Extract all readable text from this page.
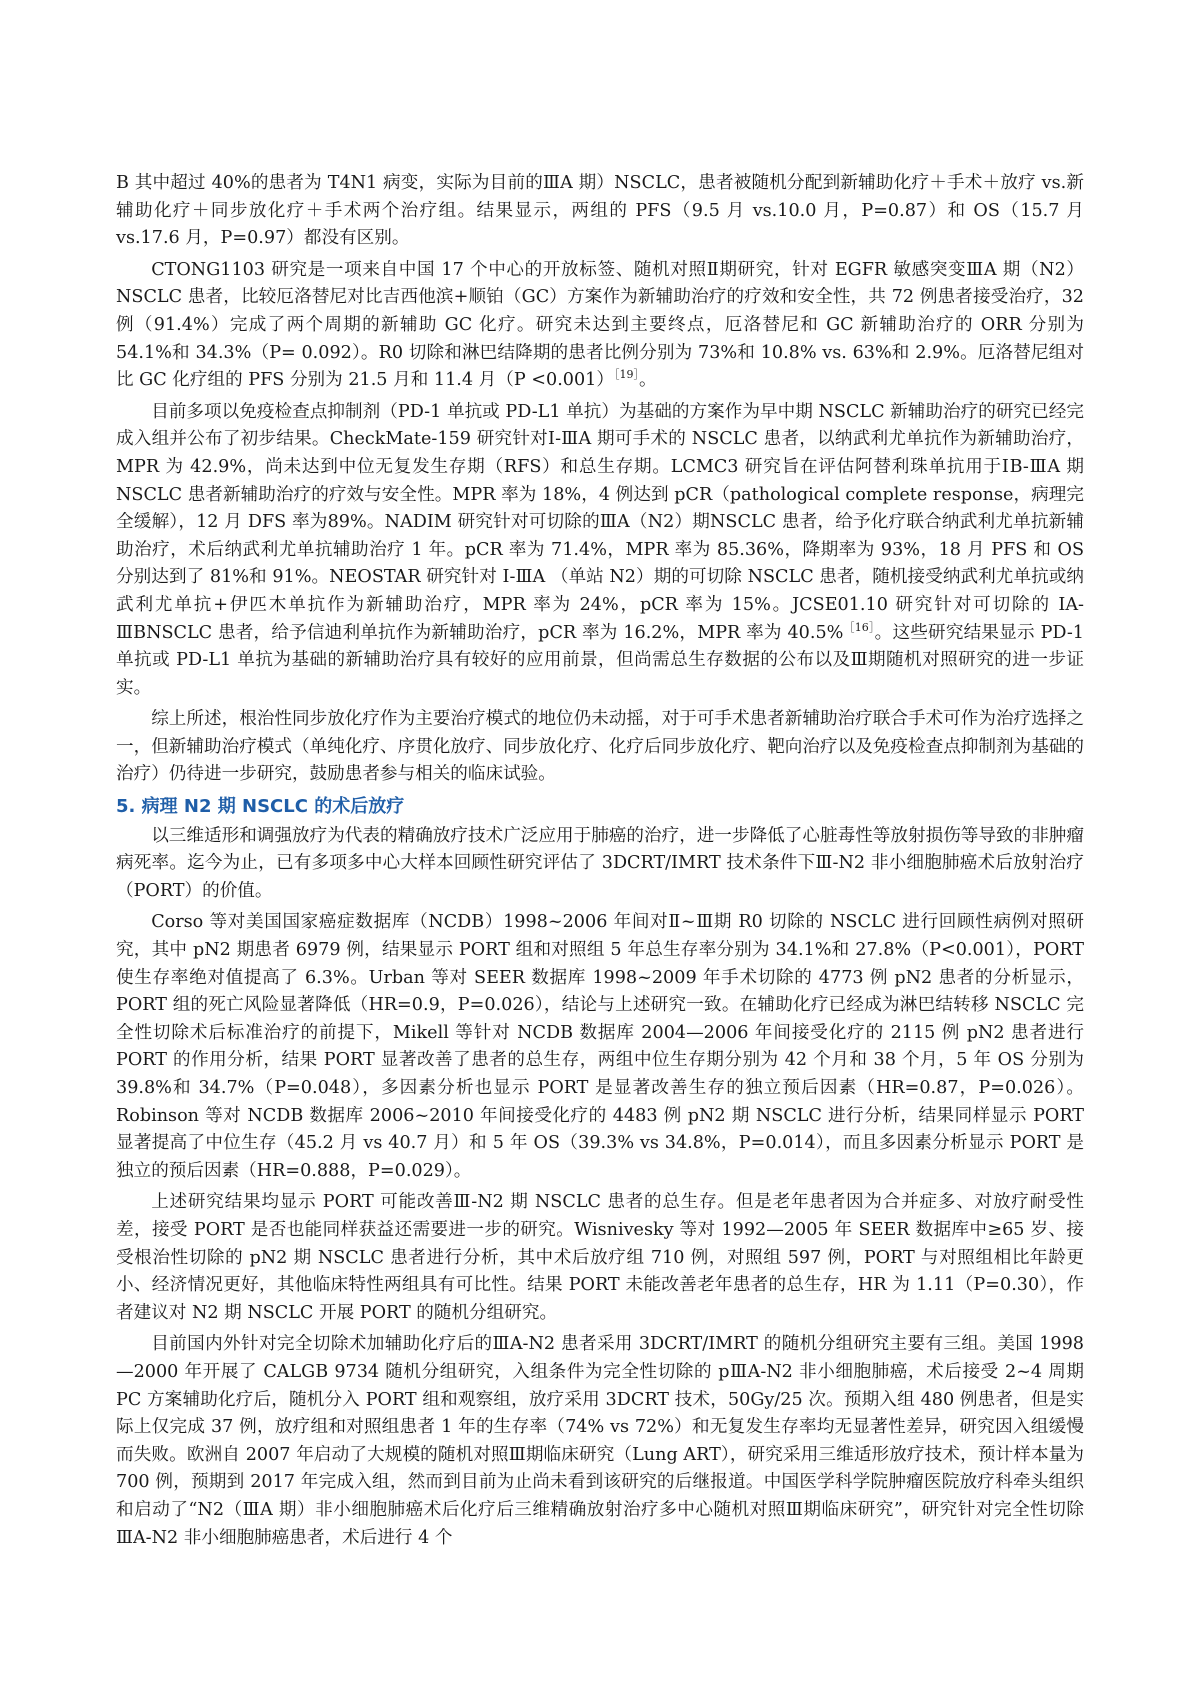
B 其中超过 40%的患者为 T4N1 病变，实际为目前的ⅢA 期）NSCLC，患者被随机分配到新辅助化疗＋手术＋放疗 vs.新辅助化疗＋同步放化疗＋手术两个治疗组。结果显示，两组的 PFS（9.5 月 vs.10.0 月，P=0.87）和 OS（15.7 月 vs.17.6 月，P=0.97）都没有区别。

CTONG1103 研究是一项来自中国 17 个中心的开放标签、随机对照Ⅱ期研究，针对 EGFR 敏感突变ⅢA 期（N2）NSCLC 患者，比较厄洛替尼对比吉西他滨+顺铂（GC）方案作为新辅助治疗的疗效和安全性，共 72 例患者接受治疗，32 例（91.4%）完成了两个周期的新辅助 GC 化疗。研究未达到主要终点，厄洛替尼和 GC 新辅助治疗的 ORR 分别为 54.1%和 34.3%（P= 0.092）。R0 切除和淋巴结降期的患者比例分别为 73%和 10.8% vs. 63%和 2.9%。厄洛替尼组对比 GC 化疗组的 PFS 分别为 21.5 月和 11.4 月（P <0.001）$^{[19]}$。

目前多项以免疫检查点抑制剂（PD-1 单抗或 PD-L1 单抗）为基础的方案作为早中期 NSCLC 新辅助治疗的研究已经完成入组并公布了初步结果。CheckMate-159 研究针对Ⅰ-ⅢA 期可手术的 NSCLC 患者，以纳武利尤单抗作为新辅助治疗，MPR 为 42.9%，尚未达到中位无复发生存期（RFS）和总生存期。LCMC3 研究旨在评估阿替利珠单抗用于ⅠB-ⅢA 期 NSCLC 患者新辅助治疗的疗效与安全性。MPR 率为 18%，4 例达到 pCR（pathological complete response，病理完全缓解），12 月 DFS 率为89%。NADIM 研究针对可切除的ⅢA（N2）期NSCLC 患者，给予化疗联合纳武利尤单抗新辅助治疗，术后纳武利尤单抗辅助治疗 1 年。pCR 率为 71.4%，MPR 率为 85.36%，降期率为 93%，18 月 PFS 和 OS 分别达到了 81%和 91%。NEOSTAR 研究针对 I-ⅢA （单站 N2）期的可切除 NSCLC 患者，随机接受纳武利尤单抗或纳武利尤单抗+伊匹木单抗作为新辅助治疗，MPR 率为 24%，pCR 率为 15%。JCSE01.10 研究针对可切除的 IA-ⅢBNSCLC 患者，给予信迪利单抗作为新辅助治疗，pCR 率为 16.2%，MPR 率为 40.5%$^{[16]}$。这些研究结果显示 PD-1 单抗或 PD-L1 单抗为基础的新辅助治疗具有较好的应用前景，但尚需总生存数据的公布以及Ⅲ期随机对照研究的进一步证实。

综上所述，根治性同步放化疗作为主要治疗模式的地位仍未动摇，对于可手术患者新辅助治疗联合手术可作为治疗选择之一，但新辅助治疗模式（单纯化疗、序贯化放疗、同步放化疗、化疗后同步放化疗、靶向治疗以及免疫检查点抑制剂为基础的治疗）仍待进一步研究，鼓励患者参与相关的临床试验。

5. 病理 N2 期 NSCLC 的术后放疗

以三维适形和调强放疗为代表的精确放疗技术广泛应用于肺癌的治疗，进一步降低了心脏毒性等放射损伤等导致的非肿瘤病死率。迄今为止，已有多项多中心大样本回顾性研究评估了 3DCRT/IMRT 技术条件下Ⅲ-N2 非小细胞肺癌术后放射治疗（PORT）的价值。

Corso 等对美国国家癌症数据库（NCDB）1998~2006 年间对Ⅱ~Ⅲ期 R0 切除的 NSCLC 进行回顾性病例对照研究，其中 pN2 期患者 6979 例，结果显示 PORT 组和对照组 5 年总生存率分别为 34.1%和 27.8%（P<0.001），PORT 使生存率绝对值提高了 6.3%。Urban 等对 SEER 数据库 1998~2009 年手术切除的 4773 例 pN2 患者的分析显示，PORT 组的死亡风险显著降低（HR=0.9，P=0.026），结论与上述研究一致。在辅助化疗已经成为淋巴结转移 NSCLC 完全性切除术后标准治疗的前提下，Mikell 等针对 NCDB 数据库 2004—2006 年间接受化疗的 2115 例 pN2 患者进行 PORT 的作用分析，结果 PORT 显著改善了患者的总生存，两组中位生存期分别为 42 个月和 38 个月，5 年 OS 分别为 39.8%和 34.7%（P=0.048），多因素分析也显示 PORT 是显著改善生存的独立预后因素（HR=0.87，P=0.026）。Robinson 等对 NCDB 数据库 2006~2010 年间接受化疗的 4483 例 pN2 期 NSCLC 进行分析，结果同样显示 PORT 显著提高了中位生存（45.2 月 vs 40.7 月）和 5 年 OS（39.3% vs 34.8%，P=0.014），而且多因素分析显示 PORT 是独立的预后因素（HR=0.888，P=0.029）。

上述研究结果均显示 PORT 可能改善Ⅲ-N2 期 NSCLC 患者的总生存。但是老年患者因为合并症多、对放疗耐受性差，接受 PORT 是否也能同样获益还需要进一步的研究。Wisnivesky 等对 1992—2005 年 SEER 数据库中≥65 岁、接受根治性切除的 pN2 期 NSCLC 患者进行分析，其中术后放疗组 710 例，对照组 597 例，PORT 与对照组相比年龄更小、经济情况更好，其他临床特性两组具有可比性。结果 PORT 未能改善老年患者的总生存，HR 为 1.11（P=0.30），作者建议对 N2 期 NSCLC 开展 PORT 的随机分组研究。

目前国内外针对完全切除术加辅助化疗后的ⅢA-N2 患者采用 3DCRT/IMRT 的随机分组研究主要有三组。美国 1998—2000 年开展了 CALGB 9734 随机分组研究，入组条件为完全性切除的 pⅢA-N2 非小细胞肺癌，术后接受 2~4 周期 PC 方案辅助化疗后，随机分入 PORT 组和观察组，放疗采用 3DCRT 技术，50Gy/25 次。预期入组 480 例患者，但是实际上仅完成 37 例，放疗组和对照组患者 1 年的生存率（74% vs 72%）和无复发生存率均无显著性差异，研究因入组缓慢而失败。欧洲自 2007 年启动了大规模的随机对照Ⅲ期临床研究（Lung ART），研究采用三维适形放疗技术，预计样本量为 700 例，预期到 2017 年完成入组，然而到目前为止尚未看到该研究的后继报道。中国医学科学院肿瘤医院放疗科牵头组织和启动了“N2（ⅢA 期）非小细胞肺癌术后化疗后三维精确放射治疗多中心随机对照Ⅲ期临床研究”，研究针对完全性切除ⅢA-N2 非小细胞肺癌患者，术后进行 4 个
